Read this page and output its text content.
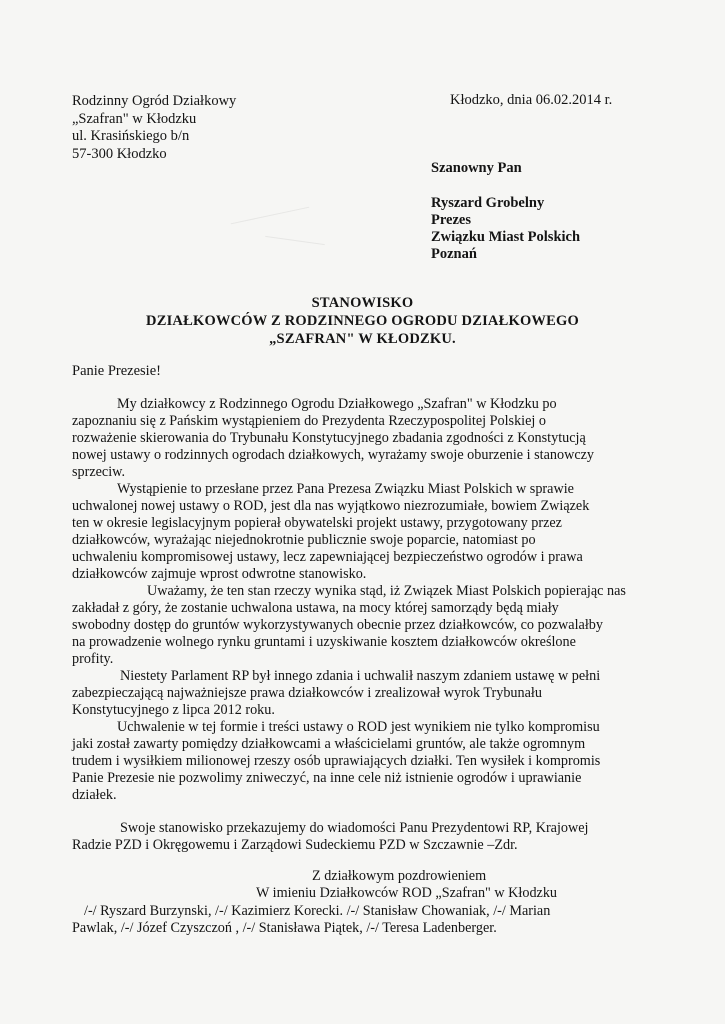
Rodzinny Ogród Działkowy
„Szafran" w Kłodzku
ul. Krasińskiego b/n
57-300 Kłodzko
Kłodzko, dnia 06.02.2014 r.
Szanowny Pan
Ryszard Grobelny
Prezes
Związku Miast Polskich
Poznań
STANOWISKO
DZIAŁKOWCÓW Z RODZINNEGO OGRODU DZIAŁKOWEGO
„SZAFRAN" W KŁODZKU.
Panie Prezesie!
My działkowcy z Rodzinnego Ogrodu Działkowego „Szafran" w Kłodzku po
zapoznaniu się z Pańskim wystąpieniem do Prezydenta Rzeczypospolitej Polskiej o
rozważenie skierowania do Trybunału Konstytucyjnego zbadania zgodności z Konstytucją
nowej ustawy o rodzinnych ogrodach działkowych, wyrażamy swoje oburzenie i stanowczy
sprzeciw.
Wystąpienie to przesłane przez Pana Prezesa Związku Miast Polskich w sprawie
uchwalonej nowej ustawy o ROD, jest dla nas wyjątkowo niezrozumiałe, bowiem Związek
ten w okresie legislacyjnym popierał obywatelski projekt ustawy, przygotowany przez
działkowców, wyrażając niejednokrotnie publicznie swoje poparcie, natomiast po
uchwaleniu kompromisowej ustawy, lecz zapewniającej bezpieczeństwo ogrodów i prawa
działkowców zajmuje wprost odwrotne stanowisko.
Uważamy, że ten stan rzeczy wynika stąd, iż Związek Miast Polskich popierając nas
zakładał z góry, że zostanie uchwalona ustawa, na mocy której samorządy będą miały
swobodny dostęp do gruntów wykorzystywanych obecnie przez działkowców, co pozwalałby
na prowadzenie wolnego rynku gruntami i uzyskiwanie kosztem działkowców określone
profity.
Niestety Parlament RP był innego zdania i uchwalił naszym zdaniem ustawę w pełni
zabezpieczającą najważniejsze prawa działkowców i zrealizował wyrok Trybunału
Konstytucyjnego z lipca 2012 roku.
Uchwalenie w tej formie i treści ustawy o ROD jest wynikiem nie tylko kompromisu
jaki został zawarty pomiędzy działkowcami a właścicielami gruntów, ale także ogromnym
trudem i wysiłkiem milionowej rzeszy osób uprawiających działki. Ten wysiłek i kompromis
Panie Prezesie nie pozwolimy zniweczyć, na inne cele niż istnienie ogrodów i uprawianie
działek.
Swoje stanowisko przekazujemy do wiadomości Panu Prezydentowi RP, Krajowej
Radzie PZD i Okręgowemu i Zarządowi Sudeckiemu PZD w Szczawnie –Zdr.
Z działkowym pozdrowieniem
W imieniu Działkowców ROD „Szafran" w Kłodzku
/-/ Ryszard Burzynski, /-/ Kazimierz Korecki. /-/ Stanisław Chowaniak, /-/ Marian
Pawlak, /-/ Józef Czyszczoń , /-/ Stanisława Piątek, /-/ Teresa Ladenberger.
